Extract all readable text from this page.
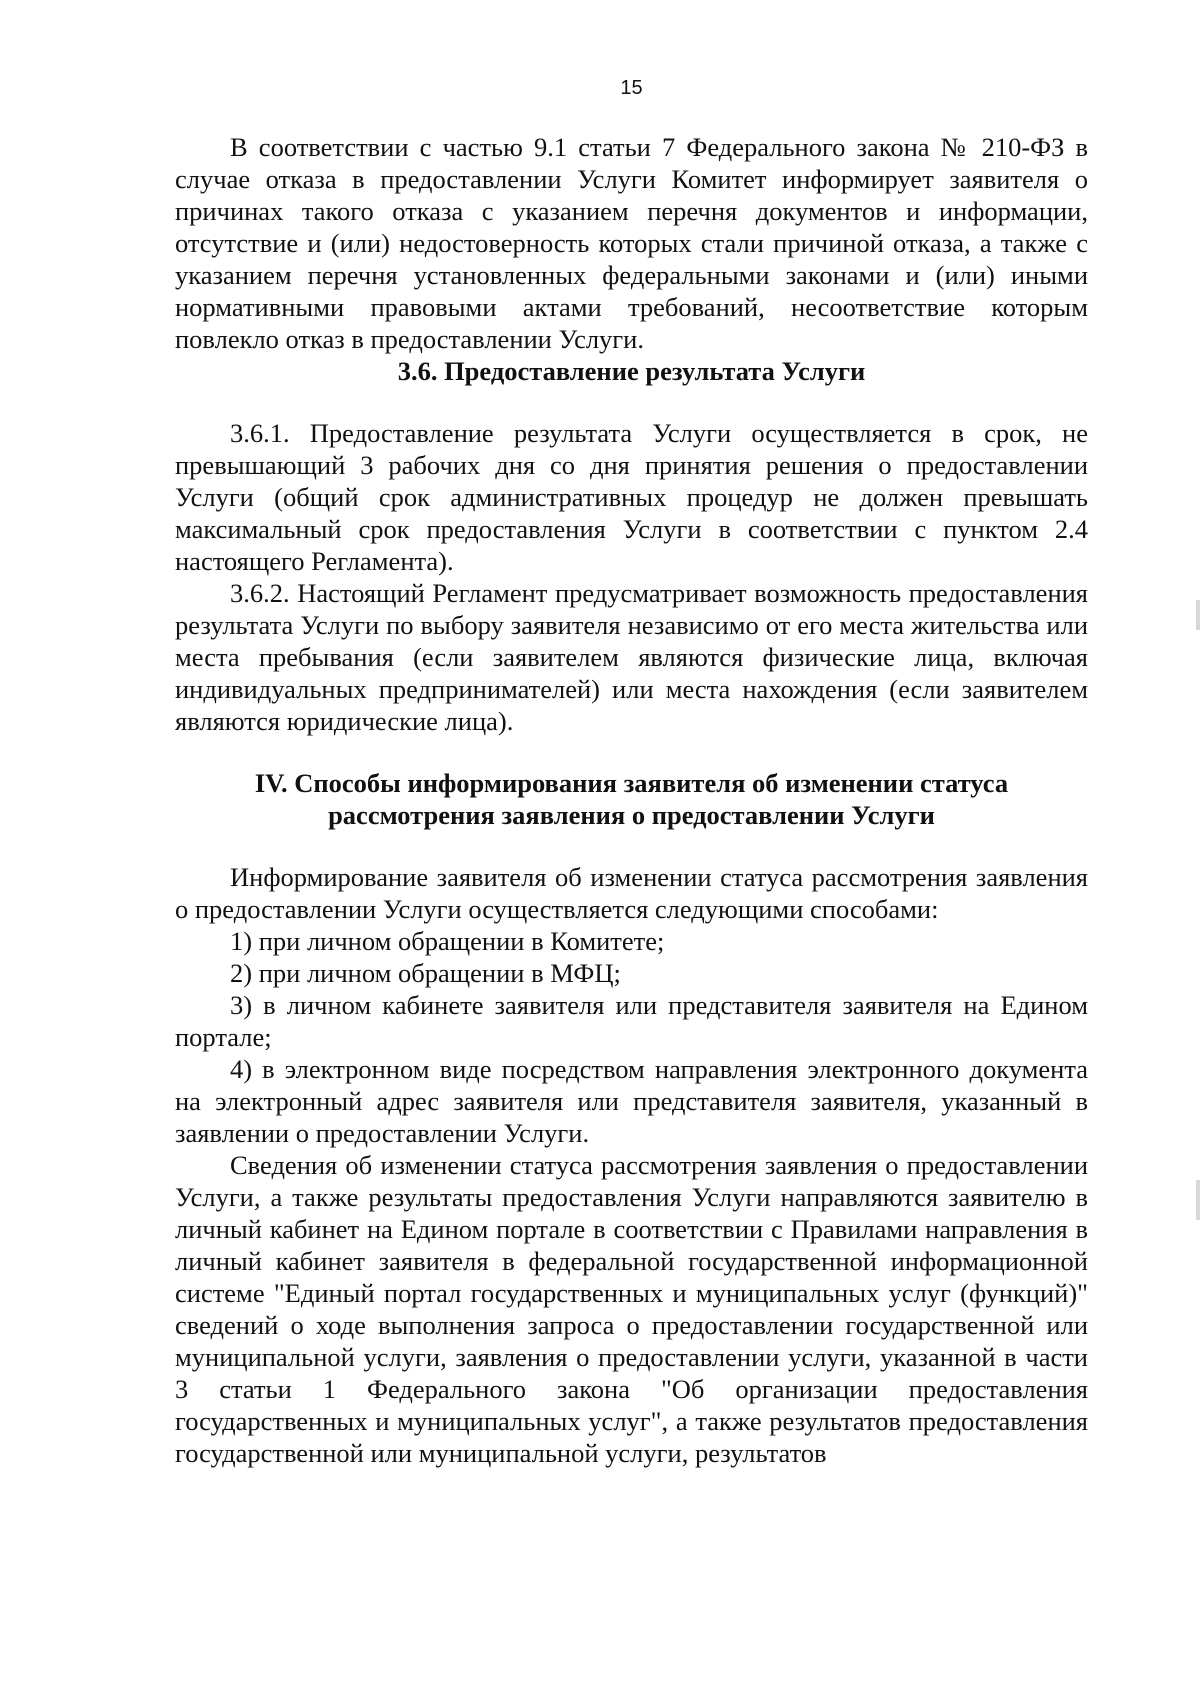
15

В соответствии с частью 9.1 статьи 7 Федерального закона № 210-ФЗ в случае отказа в предоставлении Услуги Комитет информирует заявителя о причинах такого отказа с указанием перечня документов и информации, отсутствие и (или) недостоверность которых стали причиной отказа, а также с указанием перечня установленных федеральными законами и (или) иными нормативными правовыми актами требований, несоответствие которым повлекло отказ в предоставлении Услуги.

3.6. Предоставление результата Услуги

3.6.1. Предоставление результата Услуги осуществляется в срок, не превышающий 3 рабочих дня со дня принятия решения о предоставлении Услуги (общий срок административных процедур не должен превышать максимальный срок предоставления Услуги в соответствии с пунктом 2.4 настоящего Регламента).

3.6.2. Настоящий Регламент предусматривает возможность предоставления результата Услуги по выбору заявителя независимо от его места жительства или места пребывания (если заявителем являются физические лица, включая индивидуальных предпринимателей) или места нахождения (если заявителем являются юридические лица).

IV. Способы информирования заявителя об изменении статуса рассмотрения заявления о предоставлении Услуги

Информирование заявителя об изменении статуса рассмотрения заявления о предоставлении Услуги осуществляется следующими способами:

1) при личном обращении в Комитете;

2) при личном обращении в МФЦ;

3) в личном кабинете заявителя или представителя заявителя на Едином портале;

4) в электронном виде посредством направления электронного документа на электронный адрес заявителя или представителя заявителя, указанный в заявлении о предоставлении Услуги.

Сведения об изменении статуса рассмотрения заявления о предоставлении Услуги, а также результаты предоставления Услуги направляются заявителю в личный кабинет на Едином портале в соответствии с Правилами направления в личный кабинет заявителя в федеральной государственной информационной системе "Единый портал государственных и муниципальных услуг (функций)" сведений о ходе выполнения запроса о предоставлении государственной или муниципальной услуги, заявления о предоставлении услуги, указанной в части 3 статьи 1 Федерального закона "Об организации предоставления государственных и муниципальных услуг", а также результатов предоставления государственной или муниципальной услуги, результатов
